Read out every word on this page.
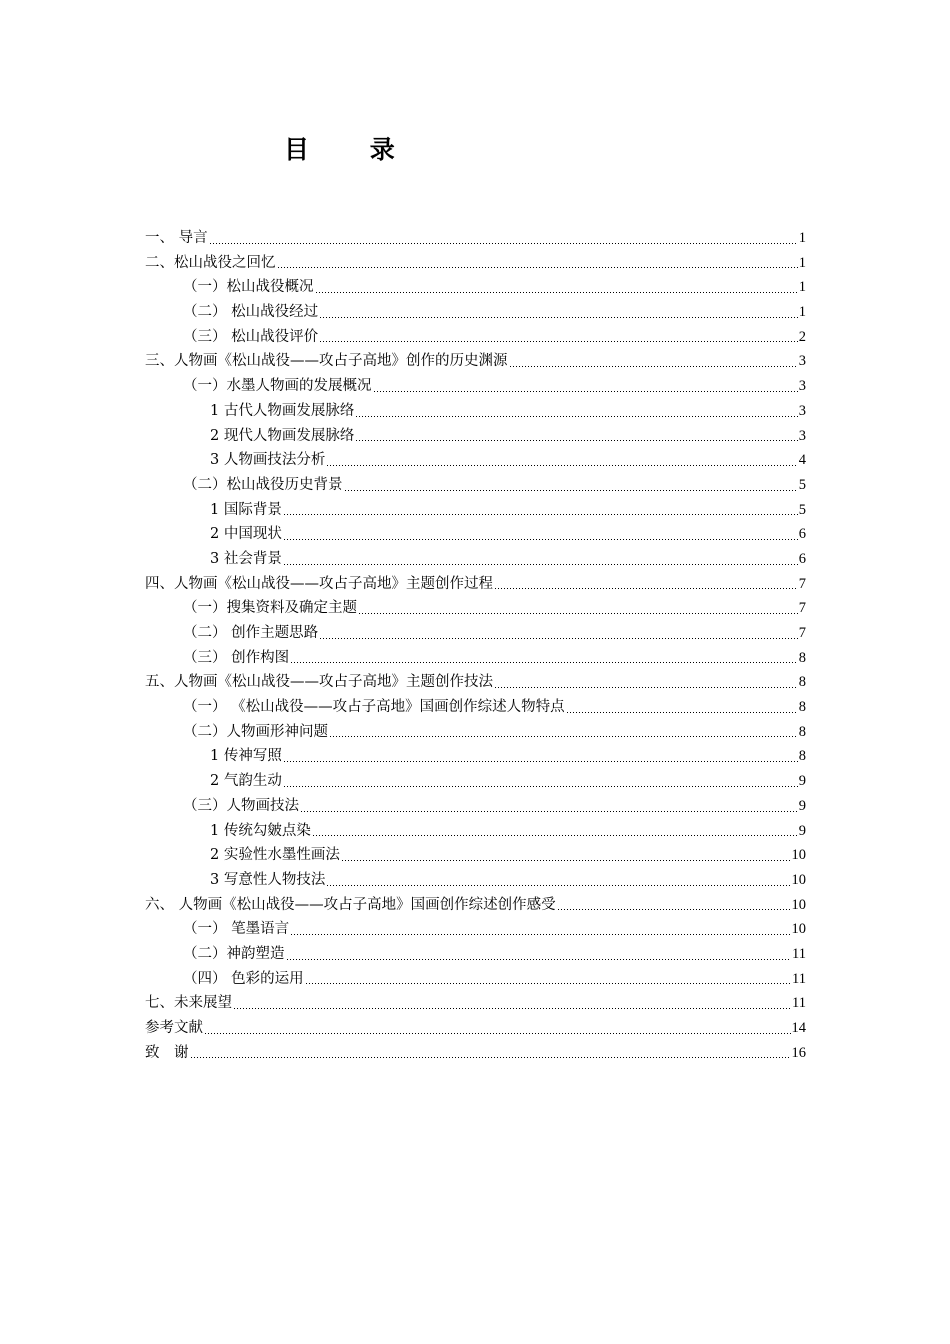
目 录
一、 导言	1
二、松山战役之回忆	1
（一）松山战役概况	1
（二） 松山战役经过	1
（三） 松山战役评价	2
三、人物画《松山战役——攻占子高地》创作的历史渊源	3
（一）水墨人物画的发展概况	3
1 古代人物画发展脉络	3
2 现代人物画发展脉络	3
3 人物画技法分析	4
（二）松山战役历史背景	5
1 国际背景	5
2 中国现状	6
3 社会背景	6
四、人物画《松山战役——攻占子高地》主题创作过程	7
（一）搜集资料及确定主题	7
（二） 创作主题思路	7
（三） 创作构图	8
五、人物画《松山战役——攻占子高地》主题创作技法	8
（一） 《松山战役——攻占子高地》国画创作综述人物特点	8
（二）人物画形神问题	8
1 传神写照	8
2 气韵生动	9
（三）人物画技法	9
1 传统勾皴点染	9
2 实验性水墨性画法	10
3 写意性人物技法	10
六、 人物画《松山战役——攻占子高地》国画创作综述创作感受	10
（一） 笔墨语言	10
（二）神韵塑造	11
（四） 色彩的运用	11
七、未来展望	11
参考文献	14
致　谢	16
